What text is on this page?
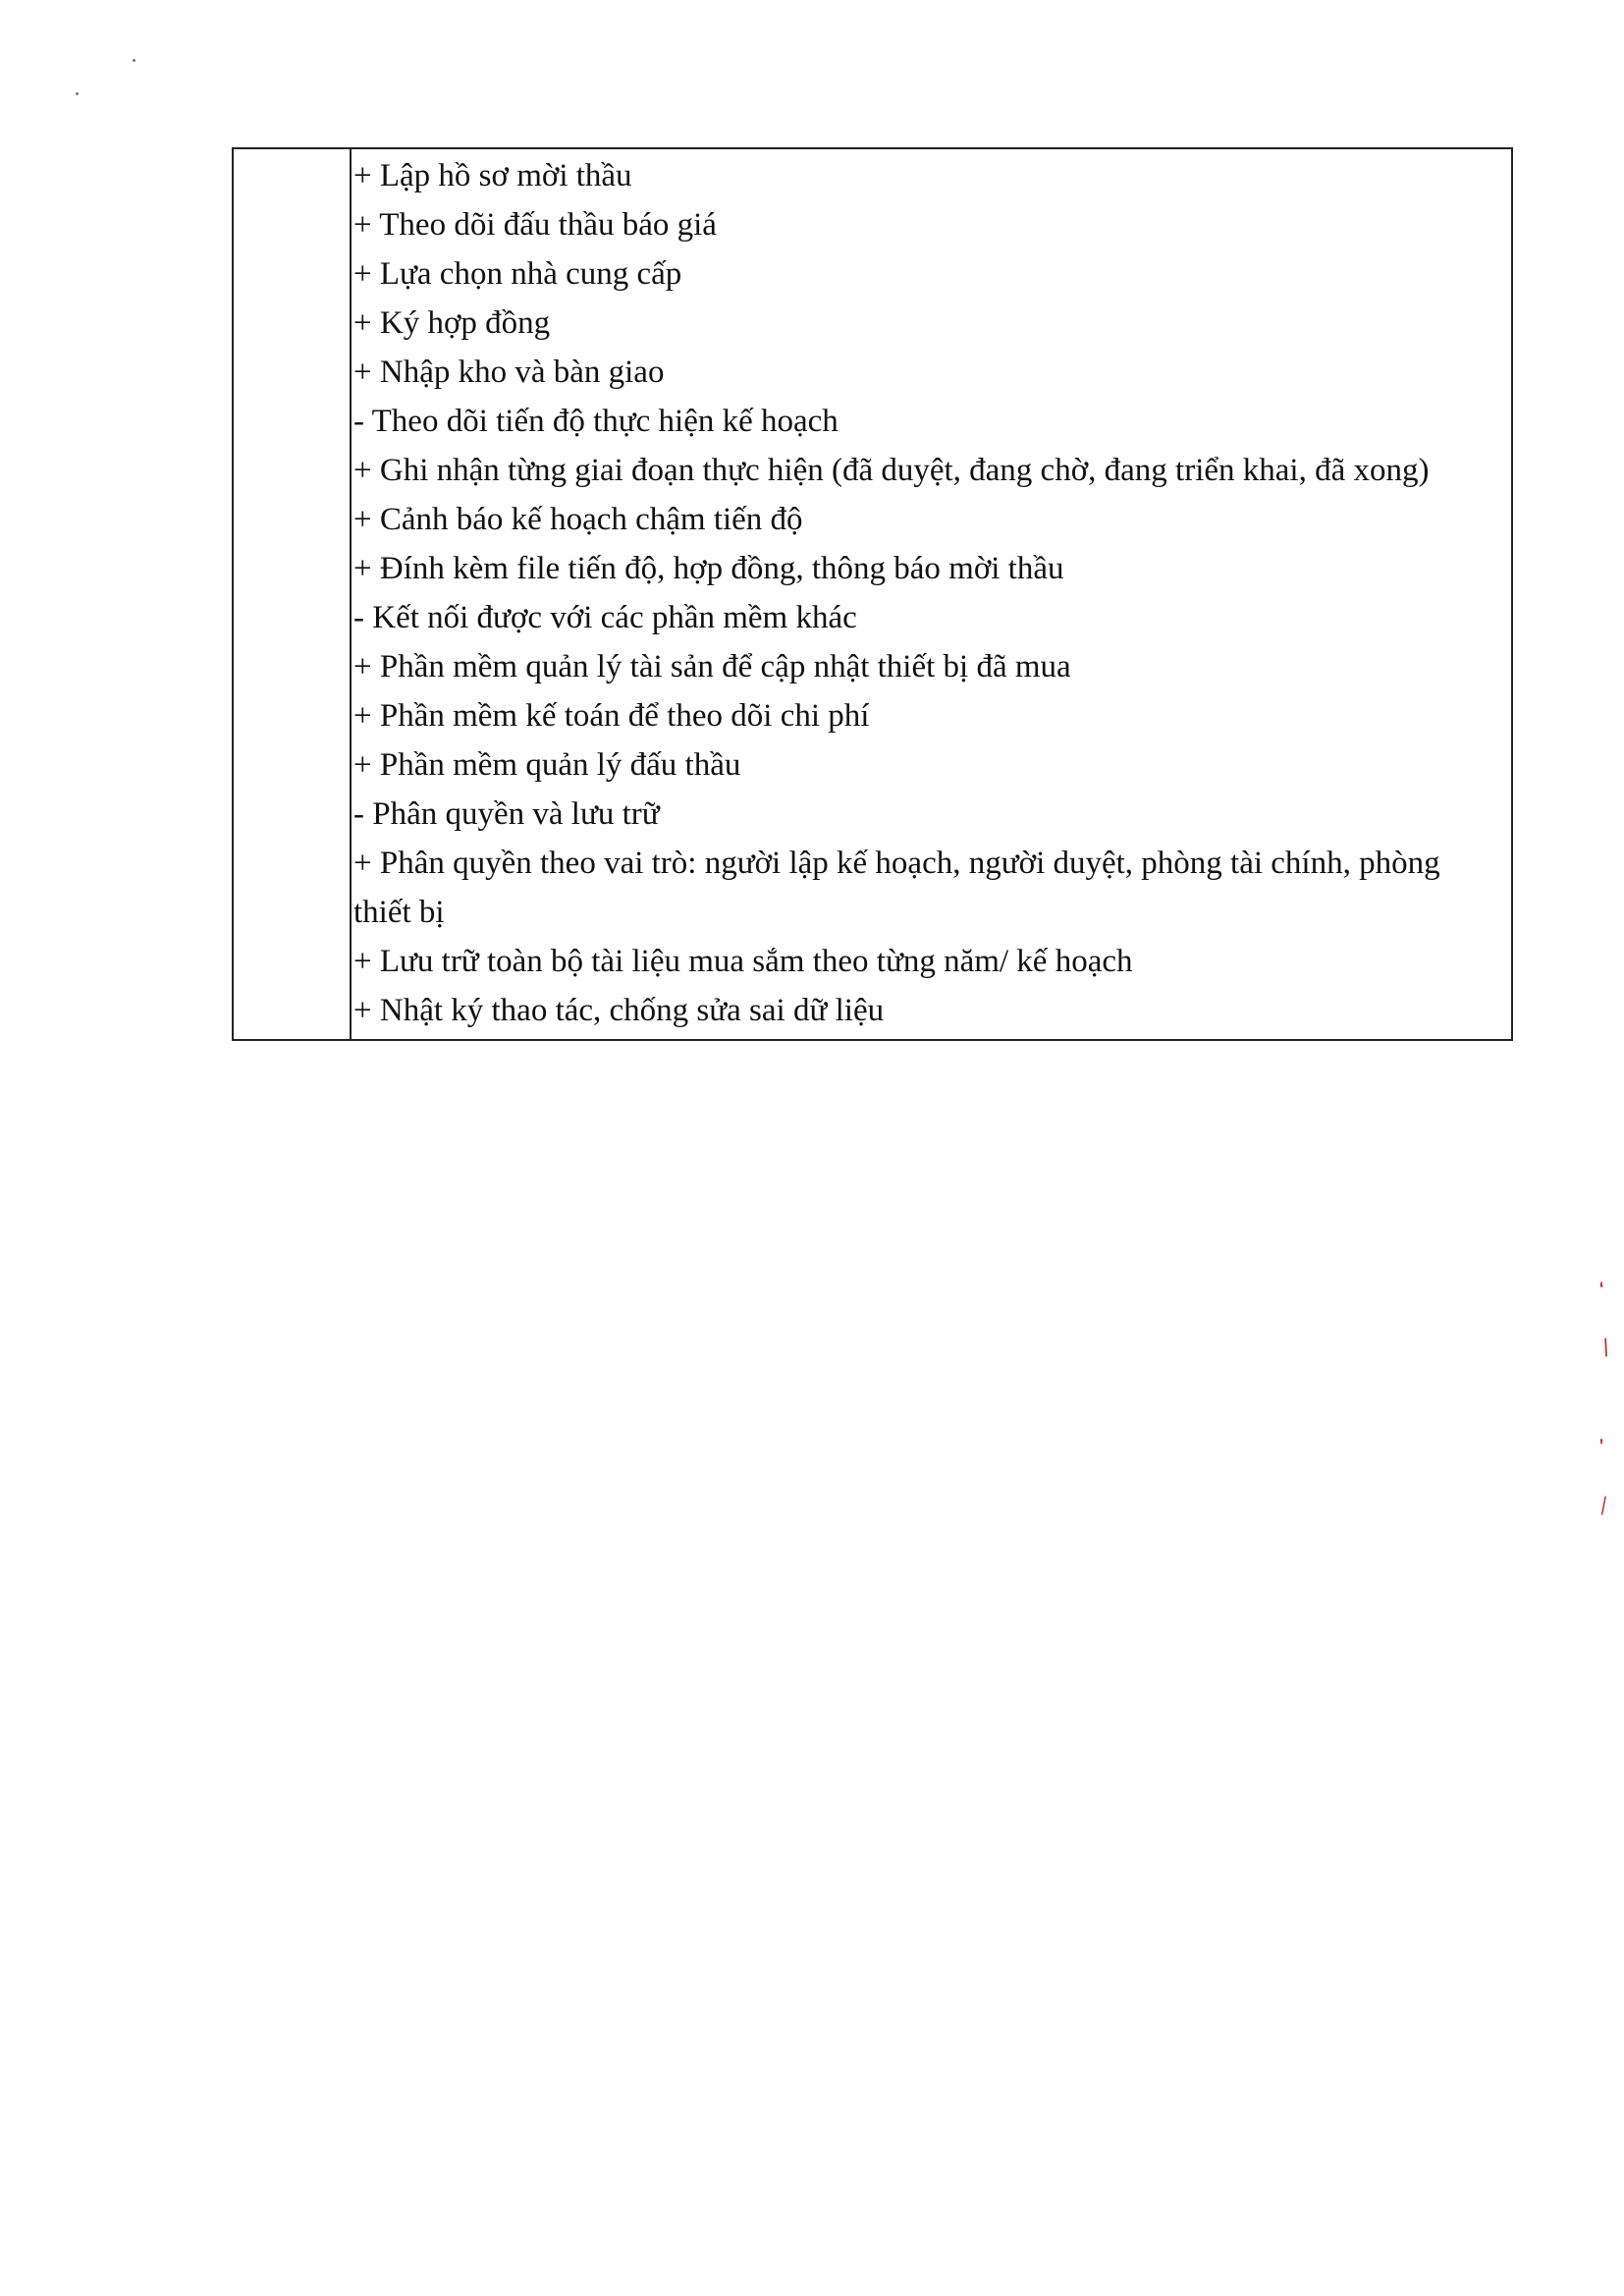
+ Lập hồ sơ mời thầu
+ Theo dõi đấu thầu báo giá
+ Lựa chọn nhà cung cấp
+ Ký hợp đồng
+ Nhập kho và bàn giao
- Theo dõi tiến độ thực hiện kế hoạch
+ Ghi nhận từng giai đoạn thực hiện (đã duyệt, đang chờ, đang triển khai, đã xong)
+ Cảnh báo kế hoạch chậm tiến độ
+ Đính kèm file tiến độ, hợp đồng, thông báo mời thầu
- Kết nối được với các phần mềm khác
+ Phần mềm quản lý tài sản để cập nhật thiết bị đã mua
+ Phần mềm kế toán để theo dõi chi phí
+ Phần mềm quản lý đấu thầu
- Phân quyền và lưu trữ
+ Phân quyền theo vai trò: người lập kế hoạch, người duyệt, phòng tài chính, phòng thiết bị
+ Lưu trữ toàn bộ tài liệu mua sắm theo từng năm/ kế hoạch
+ Nhật ký thao tác, chống sửa sai dữ liệu
‘
/
’
⁄
